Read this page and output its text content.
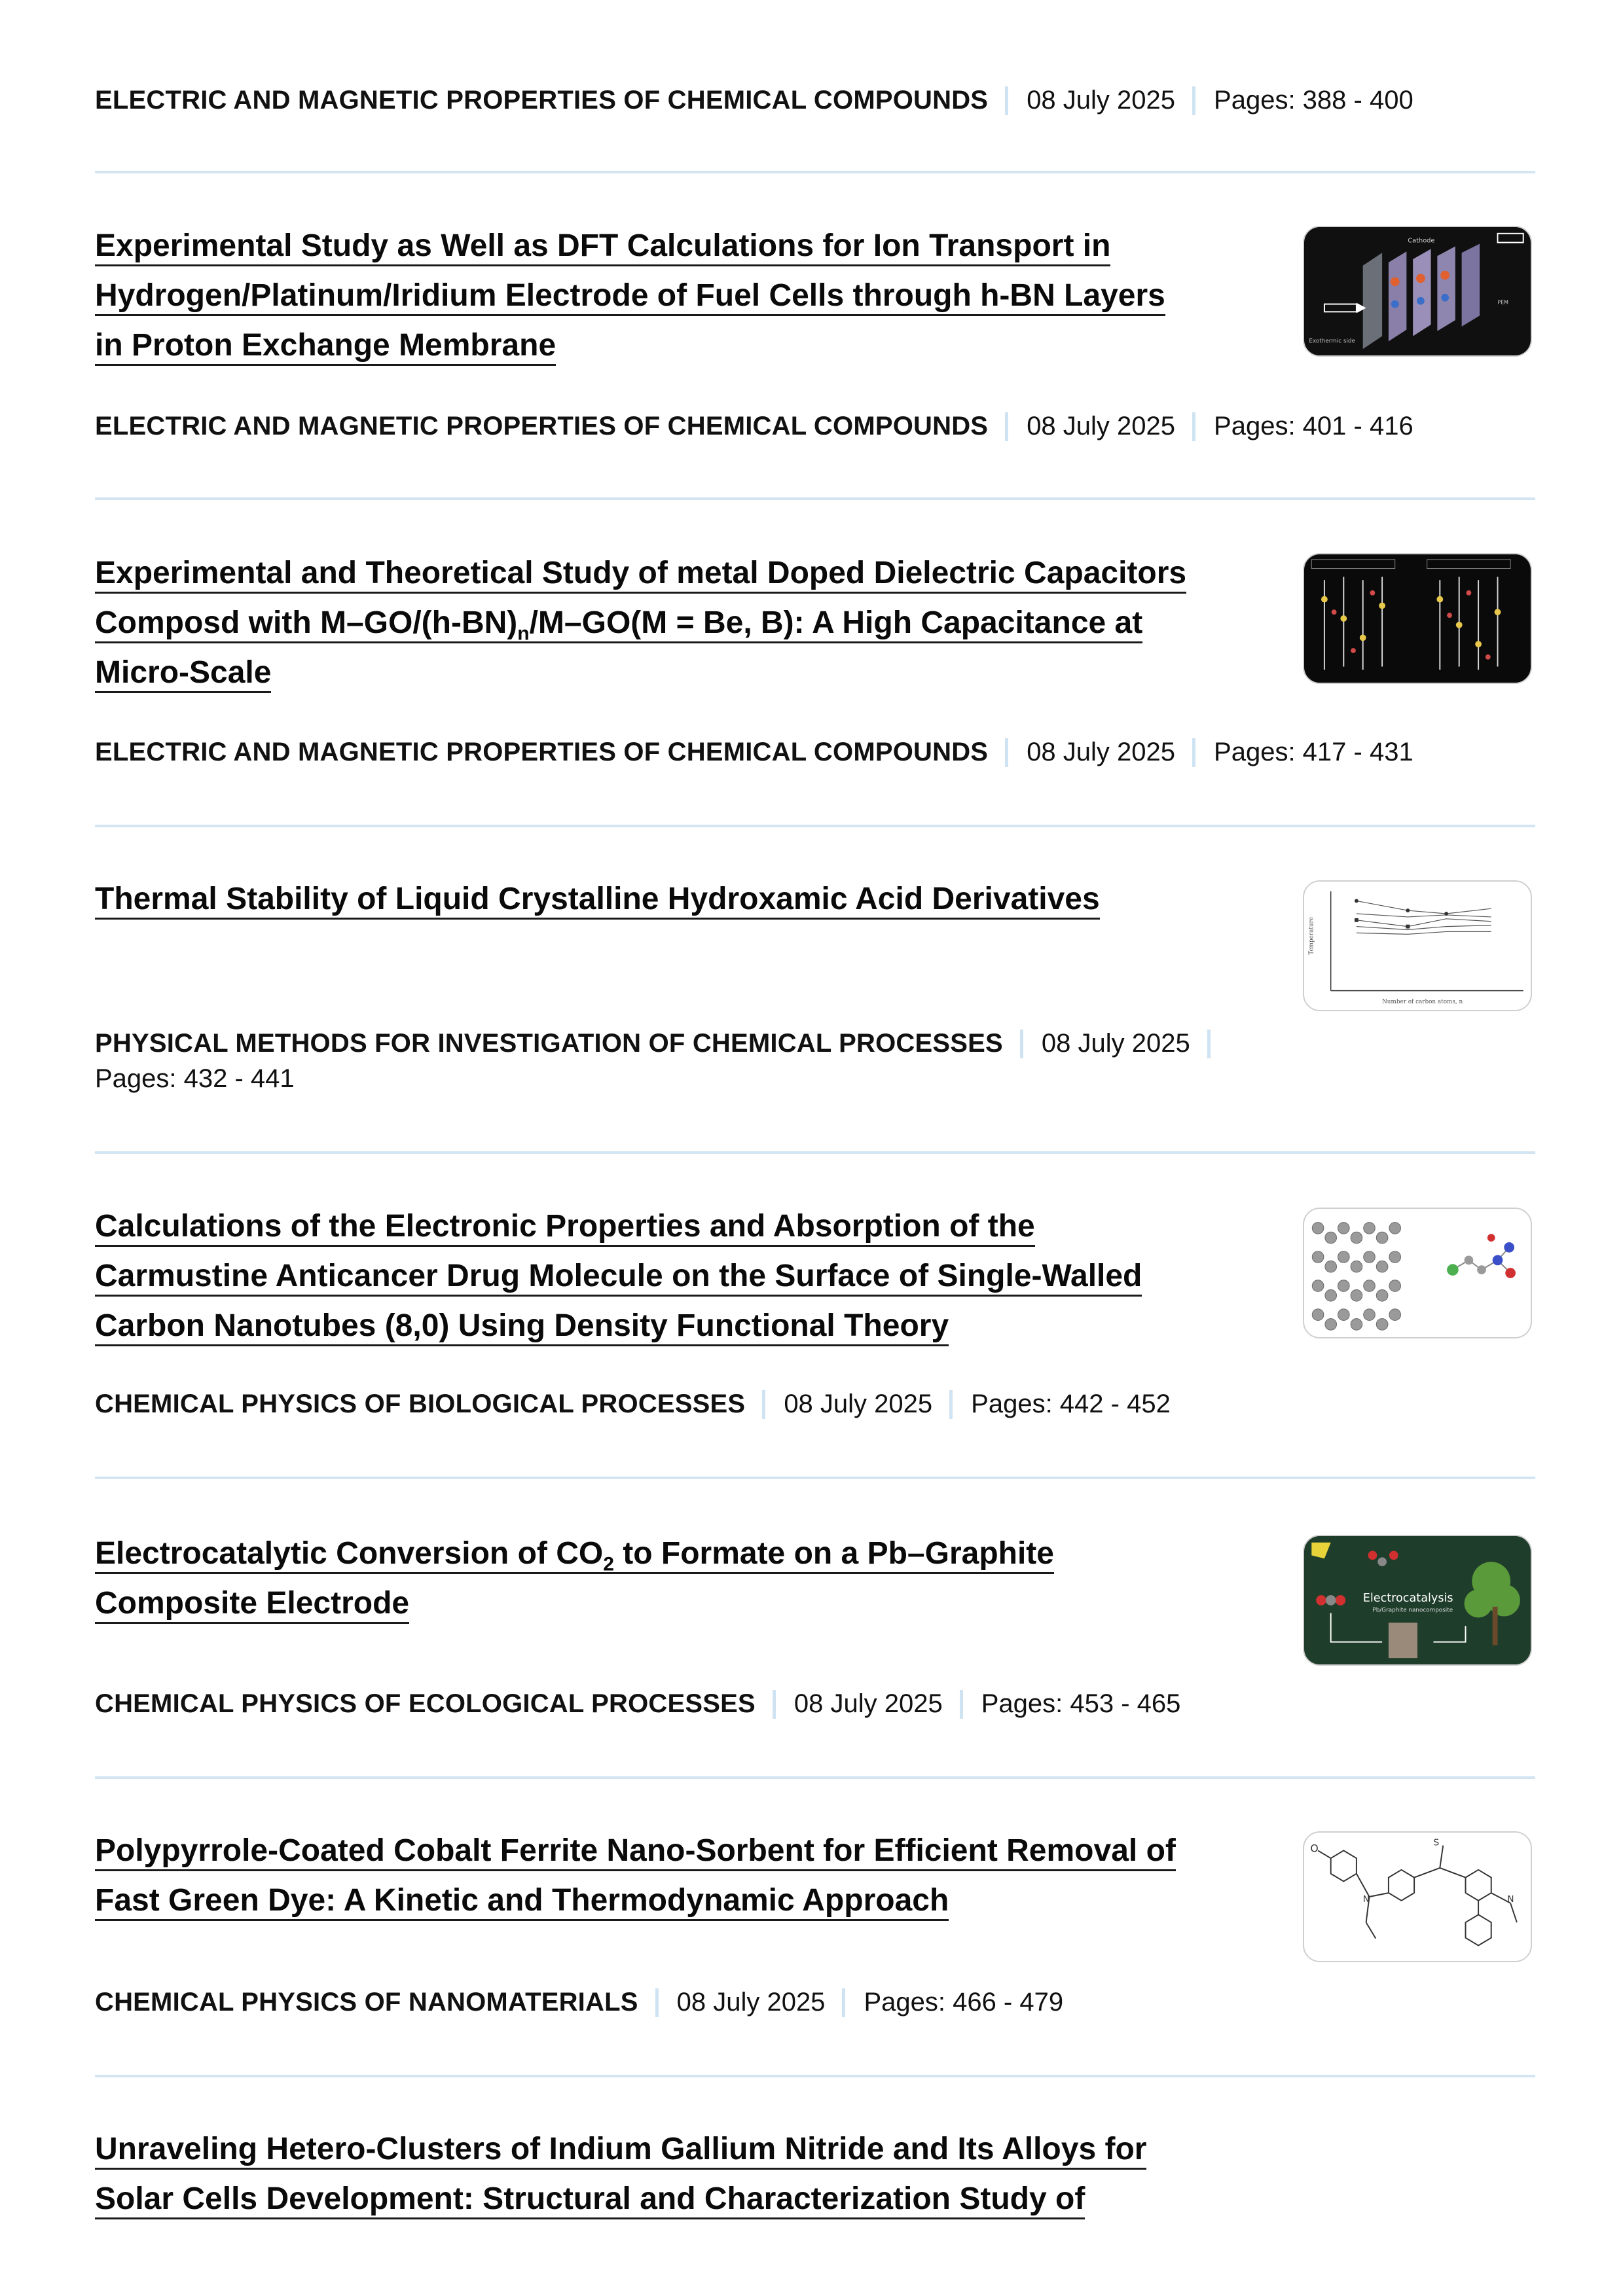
ELECTRIC AND MAGNETIC PROPERTIES OF CHEMICAL COMPOUNDS 08 July 2025 Pages: 388 - 400
Experimental Study as Well as DFT Calculations for Ion Transport in
Hydrogen/Platinum/Iridium Electrode of Fuel Cells through h-BN Layers
in Proton Exchange Membrane
Cathode
PEM
Exothermic side
ELECTRIC AND MAGNETIC PROPERTIES OF CHEMICAL COMPOUNDS 08 July 2025 Pages: 401 - 416
Experimental and Theoretical Study of metal Doped Dielectric Capacitors
Composd with $M-GO/(h-BN)_n/M-GO(M = Be$, B): A High Capacitance at
Micro-Scale
ELECTRIC AND MAGNETIC PROPERTIES OF CHEMICAL COMPOUNDS 08 July 2025 Pages: 417 - 431
Thermal Stability of Liquid Crystalline Hydroxamic Acid Derivatives
Temperature
Number of carbon atoms, n
PHYSICAL METHODS FOR INVESTIGATION OF CHEMICAL PROCESSES 08 July 2025
Pages: 432 - 441
Calculations of the Electronic Properties and Absorption of the
Carmustine Anticancer Drug Molecule on the Surface of Single-Walled
Carbon Nanotubes (8,0) Using Density Functional Theory
CHEMICAL PHYSICS OF BIOLOGICAL PROCESSES 08 July 2025 Pages: 442 - 452
Electrocatalytic Conversion of $CO_2$ to Formate on a Pb–Graphite
Composite Electrode	Electrocatalysis
Pb/Graphite nanocomposite
CHEMICAL PHYSICS OF ECOLOGICAL PROCESSES 08 July 2025 Pages: 453 - 465
Polypyrrole-Coated Cobalt Ferrite Nano-Sorbent for Efficient Removal of
Fast Green Dye: A Kinetic and Thermodynamic Approach
O	S
N	N
CHEMICAL PHYSICS OF NANOMATERIALS 08 July 2025 Pages: 466 - 479
Unraveling Hetero-Clusters of Indium Gallium Nitride and Its Alloys for
Solar Cells Development: Structural and Characterization Study of
